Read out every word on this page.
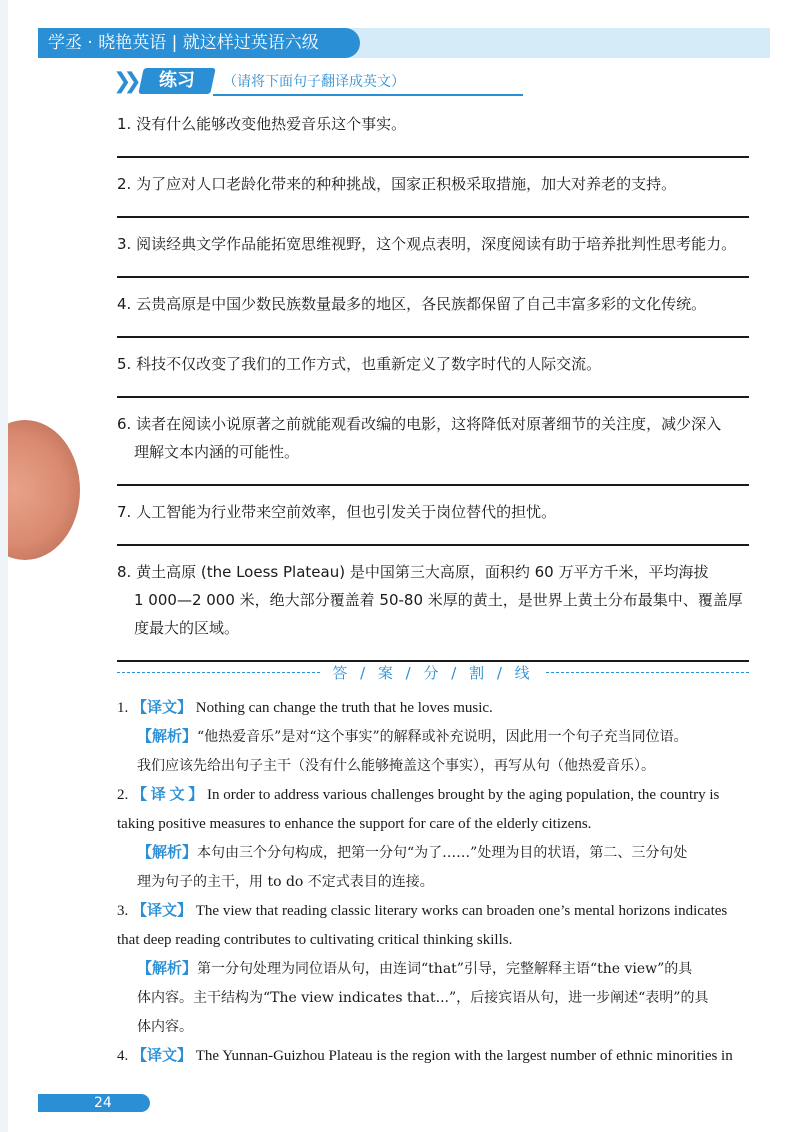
学丞 · 晓艳英语 | 就这样过英语六级
❯❯	练习	（请将下面句子翻译成英文）
1. 没有什么能够改变他热爱音乐这个事实。
2. 为了应对人口老龄化带来的种种挑战，国家正积极采取措施，加大对养老的支持。
3. 阅读经典文学作品能拓宽思维视野，这个观点表明，深度阅读有助于培养批判性思考能力。
4. 云贵高原是中国少数民族数量最多的地区，各民族都保留了自己丰富多彩的文化传统。
5. 科技不仅改变了我们的工作方式，也重新定义了数字时代的人际交流。
6. 读者在阅读小说原著之前就能观看改编的电影，这将降低对原著细节的关注度，减少深入
理解文本内涵的可能性。
7. 人工智能为行业带来空前效率，但也引发关于岗位替代的担忧。
8. 黄土高原 (the Loess Plateau) 是中国第三大高原，面积约 60 万平方千米，平均海拔
1 000—2 000 米，绝大部分覆盖着 50-80 米厚的黄土，是世界上黄土分布最集中、覆盖厚
度最大的区域。
答 / 案 / 分 / 割 / 线
1. 【译文】 Nothing can change the truth that he loves music.
【解析】“他热爱音乐”是对“这个事实”的解释或补充说明，因此用一个句子充当同位语。
我们应该先给出句子主干（没有什么能够掩盖这个事实），再写从句（他热爱音乐）。
2. 【 译 文 】 In order to address various challenges brought by the aging population, the country is
taking positive measures to enhance the support for care of the elderly citizens.
【解析】本句由三个分句构成，把第一分句“为了……”处理为目的状语，第二、三分句处
理为句子的主干，用 to do 不定式表目的连接。
3. 【译文】 The view that reading classic literary works can broaden one’s mental horizons indicates
that deep reading contributes to cultivating critical thinking skills.
【解析】第一分句处理为同位语从句，由连词“that”引导，完整解释主语“the view”的具
体内容。主干结构为“The view indicates that...”，后接宾语从句，进一步阐述“表明”的具
体内容。
4. 【译文】 The Yunnan-Guizhou Plateau is the region with the largest number of ethnic minorities in
24
